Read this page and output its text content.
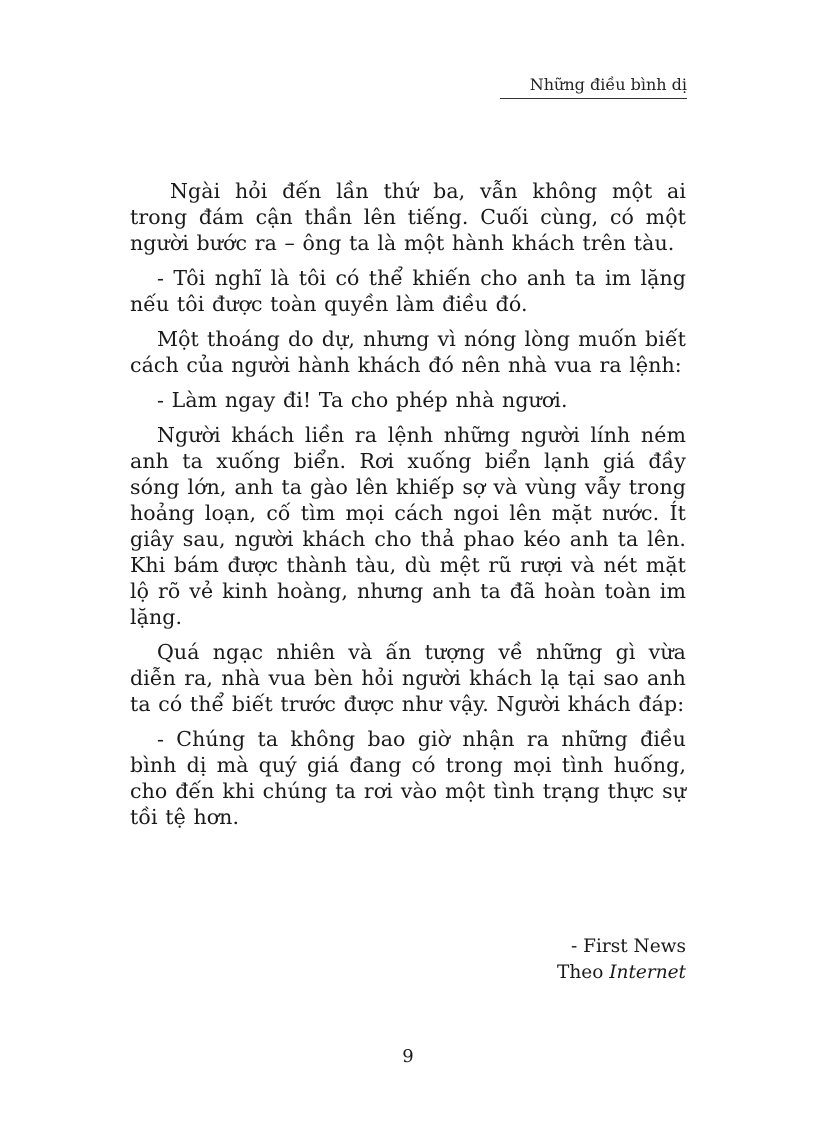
Những điều bình dị

Ngài hỏi đến lần thứ ba, vẫn không một ai trong đám cận thần lên tiếng. Cuối cùng, có một người bước ra – ông ta là một hành khách trên tàu.

- Tôi nghĩ là tôi có thể khiến cho anh ta im lặng nếu tôi được toàn quyền làm điều đó.

Một thoáng do dự, nhưng vì nóng lòng muốn biết cách của người hành khách đó nên nhà vua ra lệnh:

- Làm ngay đi! Ta cho phép nhà ngươi.

Người khách liền ra lệnh những người lính ném anh ta xuống biển. Rơi xuống biển lạnh giá đầy sóng lớn, anh ta gào lên khiếp sợ và vùng vẫy trong hoảng loạn, cố tìm mọi cách ngoi lên mặt nước. Ít giây sau, người khách cho thả phao kéo anh ta lên. Khi bám được thành tàu, dù mệt rũ rượi và nét mặt lộ rõ vẻ kinh hoàng, nhưng anh ta đã hoàn toàn im lặng.

Quá ngạc nhiên và ấn tượng về những gì vừa diễn ra, nhà vua bèn hỏi người khách lạ tại sao anh ta có thể biết trước được như vậy. Người khách đáp:

- Chúng ta không bao giờ nhận ra những điều bình dị mà quý giá đang có trong mọi tình huống, cho đến khi chúng ta rơi vào một tình trạng thực sự tồi tệ hơn.

- First News
Theo Internet
9
